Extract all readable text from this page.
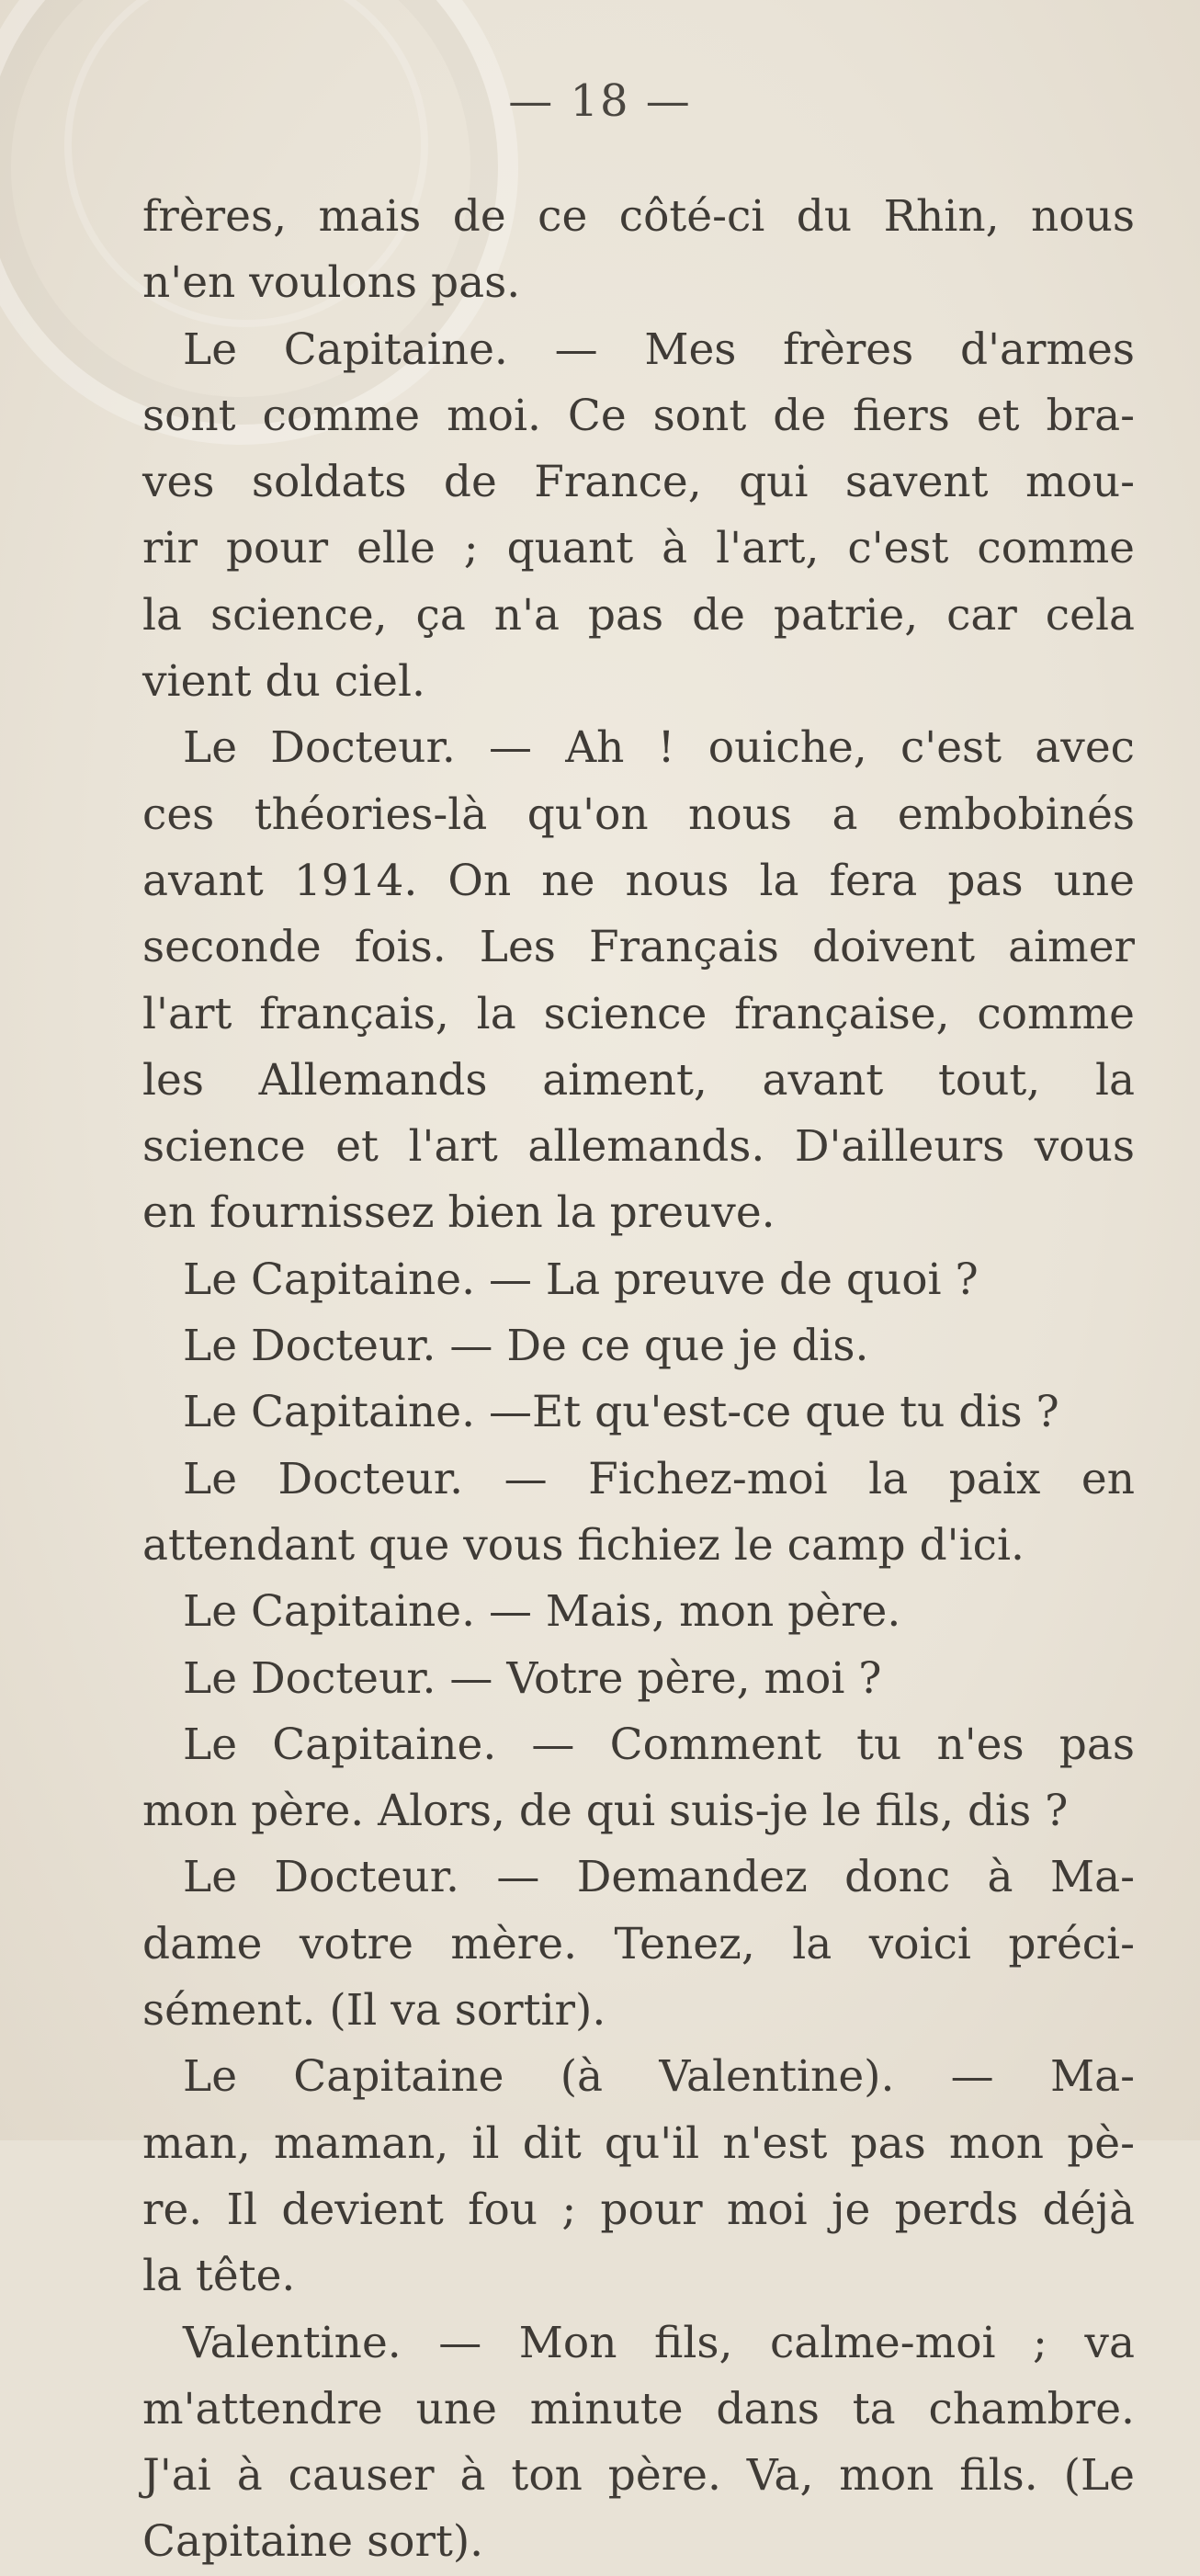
— 18 —
frères, mais de ce côté-ci du Rhin, nous
n'en voulons pas.
Le Capitaine. — Mes frères d'armes
sont comme moi. Ce sont de fiers et bra-
ves soldats de France, qui savent mou-
rir pour elle ; quant à l'art, c'est comme
la science, ça n'a pas de patrie, car cela
vient du ciel.
Le Docteur. — Ah ! ouiche, c'est avec
ces théories-là qu'on nous a embobinés
avant 1914. On ne nous la fera pas une
seconde fois. Les Français doivent aimer
l'art français, la science française, comme
les Allemands aiment, avant tout, la
science et l'art allemands. D'ailleurs vous
en fournissez bien la preuve.
Le Capitaine. — La preuve de quoi ?
Le Docteur. — De ce que je dis.
Le Capitaine. —Et qu'est-ce que tu dis ?
Le Docteur. — Fichez-moi la paix en
attendant que vous fichiez le camp d'ici.
Le Capitaine. — Mais, mon père.
Le Docteur. — Votre père, moi ?
Le Capitaine. — Comment tu n'es pas
mon père. Alors, de qui suis-je le fils, dis ?
Le Docteur. — Demandez donc à Ma-
dame votre mère. Tenez, la voici préci-
sément. (Il va sortir).
Le Capitaine (à Valentine). — Ma-
man, maman, il dit qu'il n'est pas mon pè-
re. Il devient fou ; pour moi je perds déjà
la tête.
Valentine. — Mon fils, calme-moi ; va
m'attendre une minute dans ta chambre.
J'ai à causer à ton père. Va, mon fils. (Le
Capitaine sort).
